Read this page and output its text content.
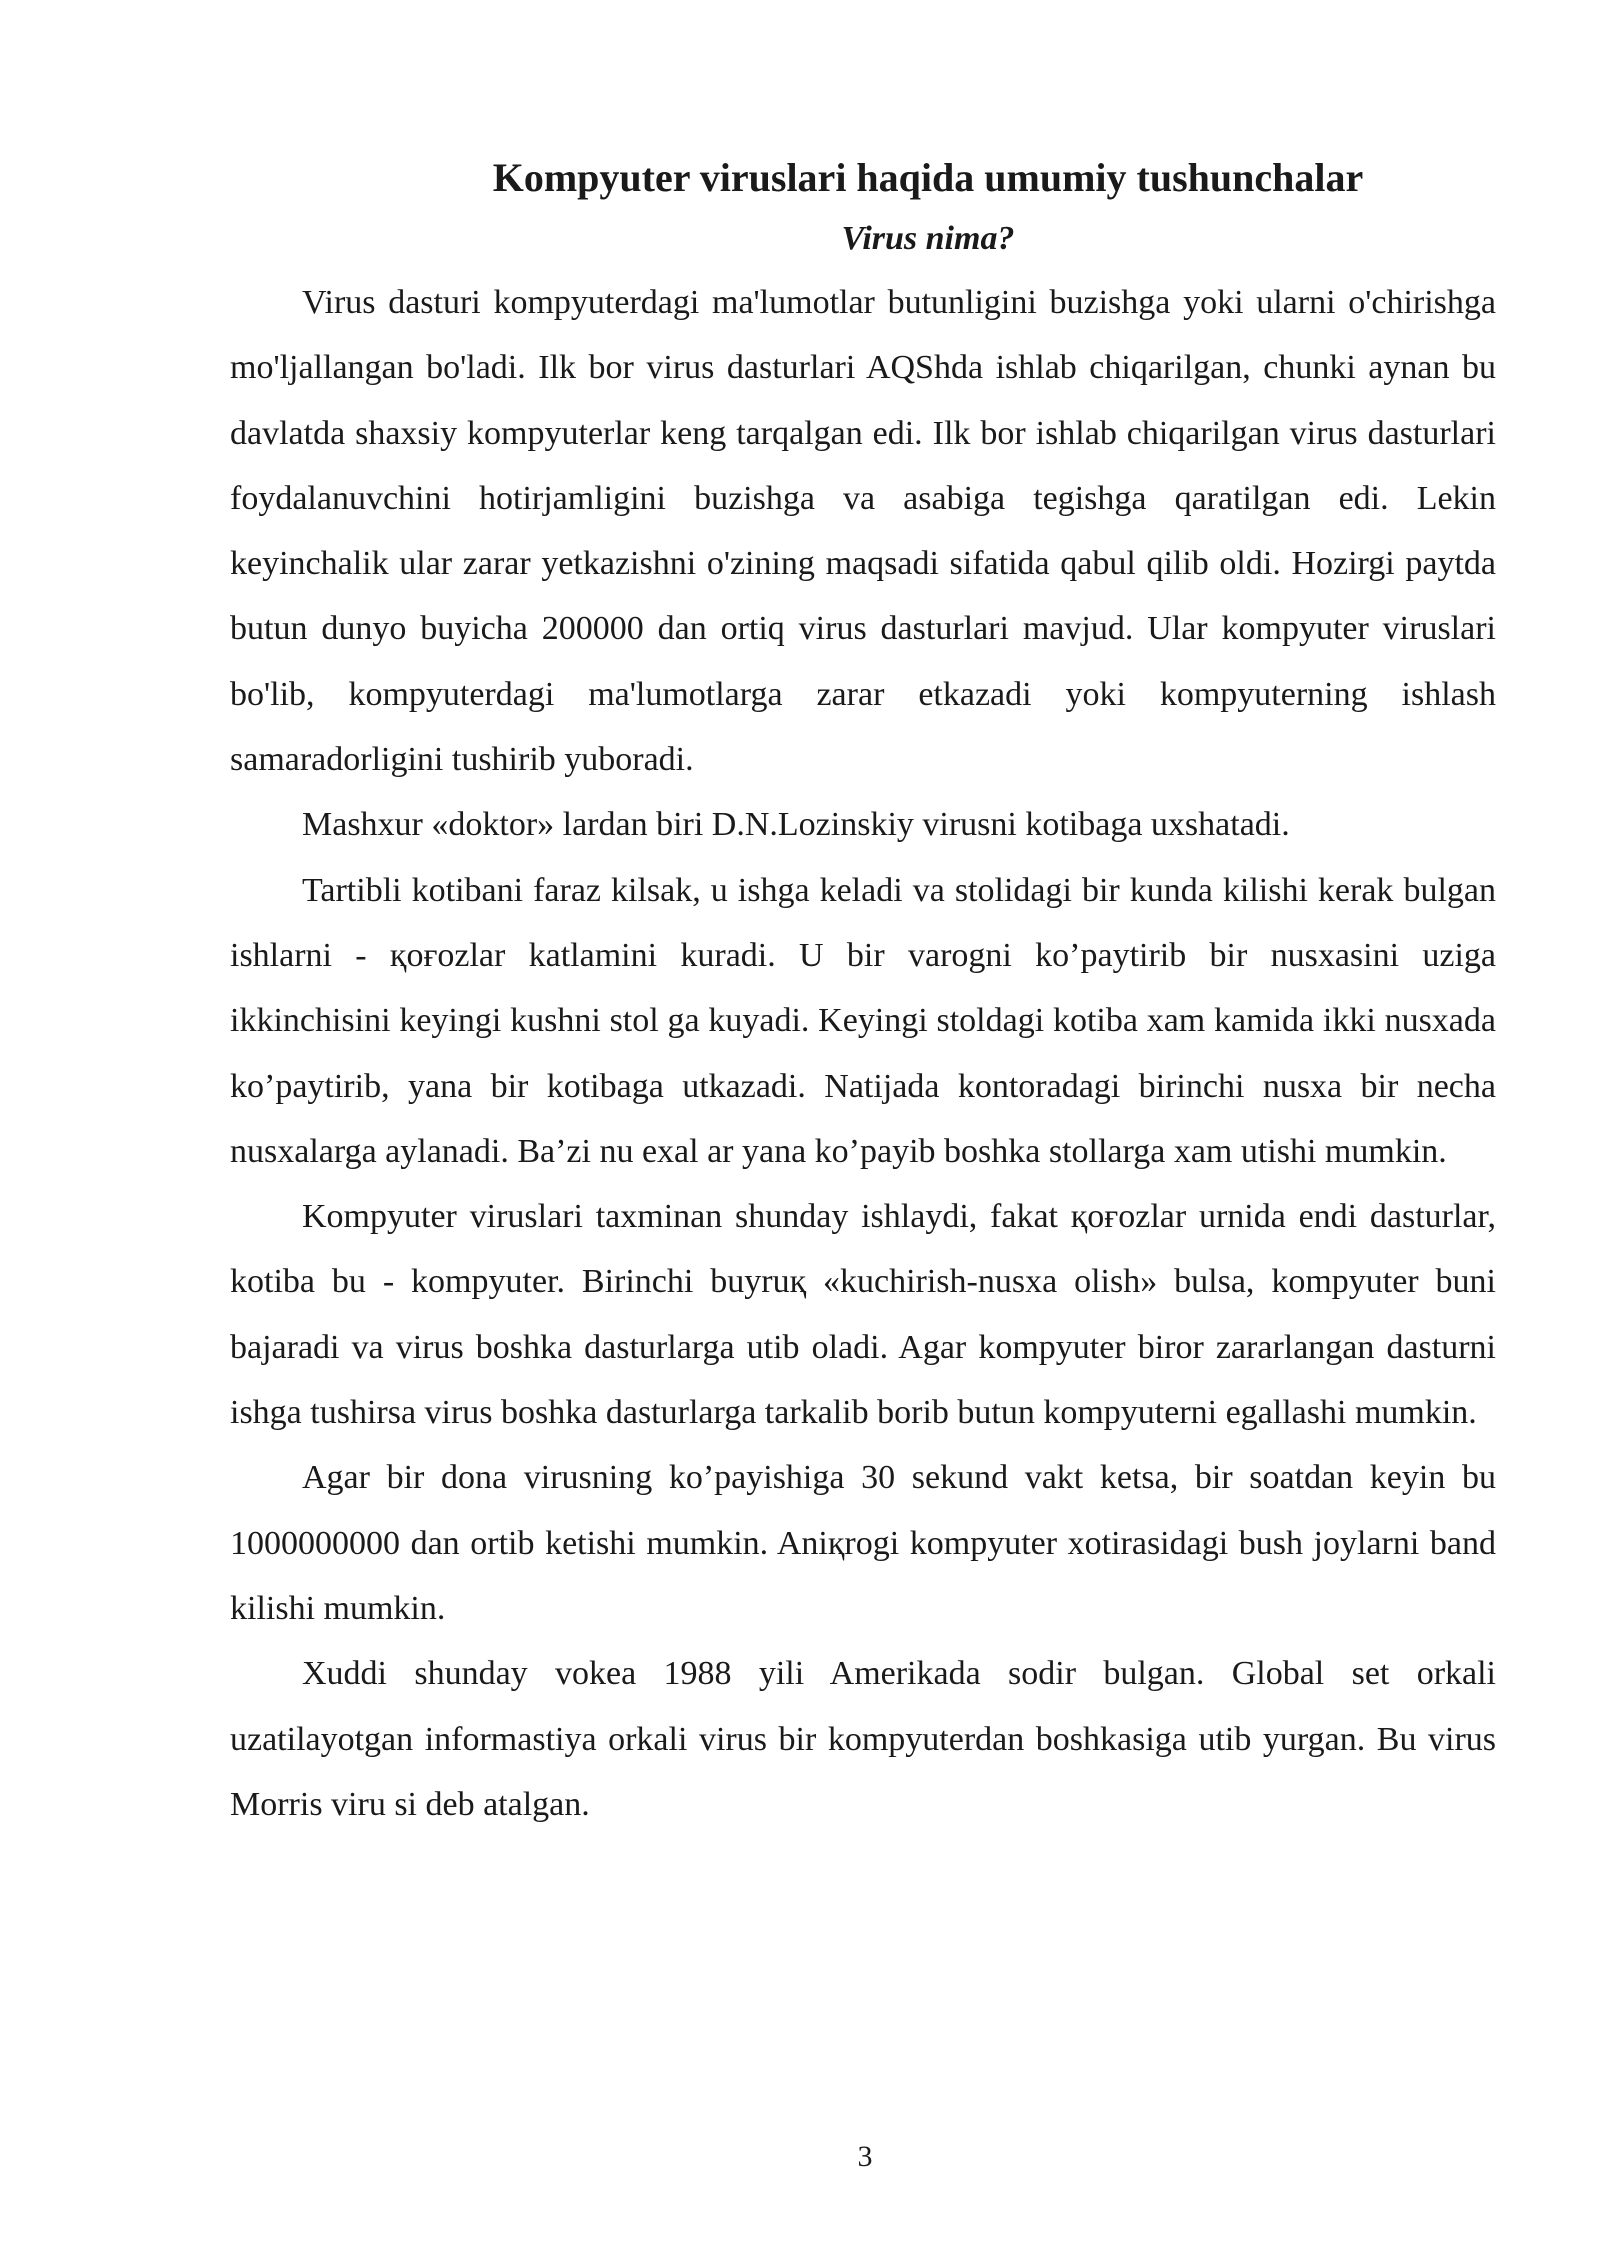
Kompyuter viruslari haqida umumiy tushunchalar
Virus nima?

Virus dasturi kompyuterdagi ma'lumotlar butunligini buzishga yoki ularni o'chirishga mo'ljallangan bo'ladi. Ilk bor virus dasturlari AQShda ishlab chiqarilgan, chunki aynan bu davlatda shaxsiy kompyuterlar keng tarqalgan edi. Ilk bor ishlab chiqarilgan virus dasturlari foydalanuvchini hotirjamligini buzishga va asabiga tegishga qaratilgan edi. Lekin keyinchalik ular zarar yetkazishni o'zining maqsadi sifatida qabul qilib oldi. Hozirgi paytda butun dunyo buyicha 200000 dan ortiq virus dasturlari mavjud. Ular kompyuter viruslari bo'lib, kompyuterdagi ma'lumotlarga zarar etkazadi yoki kompyuterning ishlash samaradorligini tushirib yuboradi.

Mashxur «doktor» lardan biri D.N.Lozinskiy virusni kotibaga uxshatadi.

Tartibli kotibani faraz kilsak, u ishga keladi va stolidagi bir kunda kilishi kerak bulgan ishlarni - қоғozlar katlamini kuradi. U bir varogni ko’paytirib bir nusxasini uziga ikkinchisini keyingi kushni stol ga kuyadi. Keyingi stoldagi kotiba xam kamida ikki nusxada ko’paytirib, yana bir kotibaga utkazadi. Natijada kontoradagi birinchi nusxa bir necha nusxalarga aylanadi. Ba’zi nu exal ar yana ko’payib boshka stollarga xam utishi mumkin.

Kompyuter viruslari taxminan shunday ishlaydi, fakat қоғozlar urnida endi dasturlar, kotiba bu - kompyuter. Birinchi buyruқ «kuchirish-nusxa olish» bulsa, kompyuter buni bajaradi va virus boshka dasturlarga utib oladi. Agar kompyuter biror zararlangan dasturni ishga tushirsa virus boshka dasturlarga tarkalib borib butun kompyuterni egallashi mumkin.

Agar bir dona virusning ko’payishiga 30 sekund vakt ketsa, bir soatdan keyin bu 1000000000 dan ortib ketishi mumkin. Aniқrogi kompyuter xotirasidagi bush joylarni band kilishi mumkin.

Xuddi shunday vokea 1988 yili Amerikada sodir bulgan. Global set orkali uzatilayotgan informastiya orkali virus bir kompyuterdan boshkasiga utib yurgan. Bu virus Morris viru si deb atalgan.

3
